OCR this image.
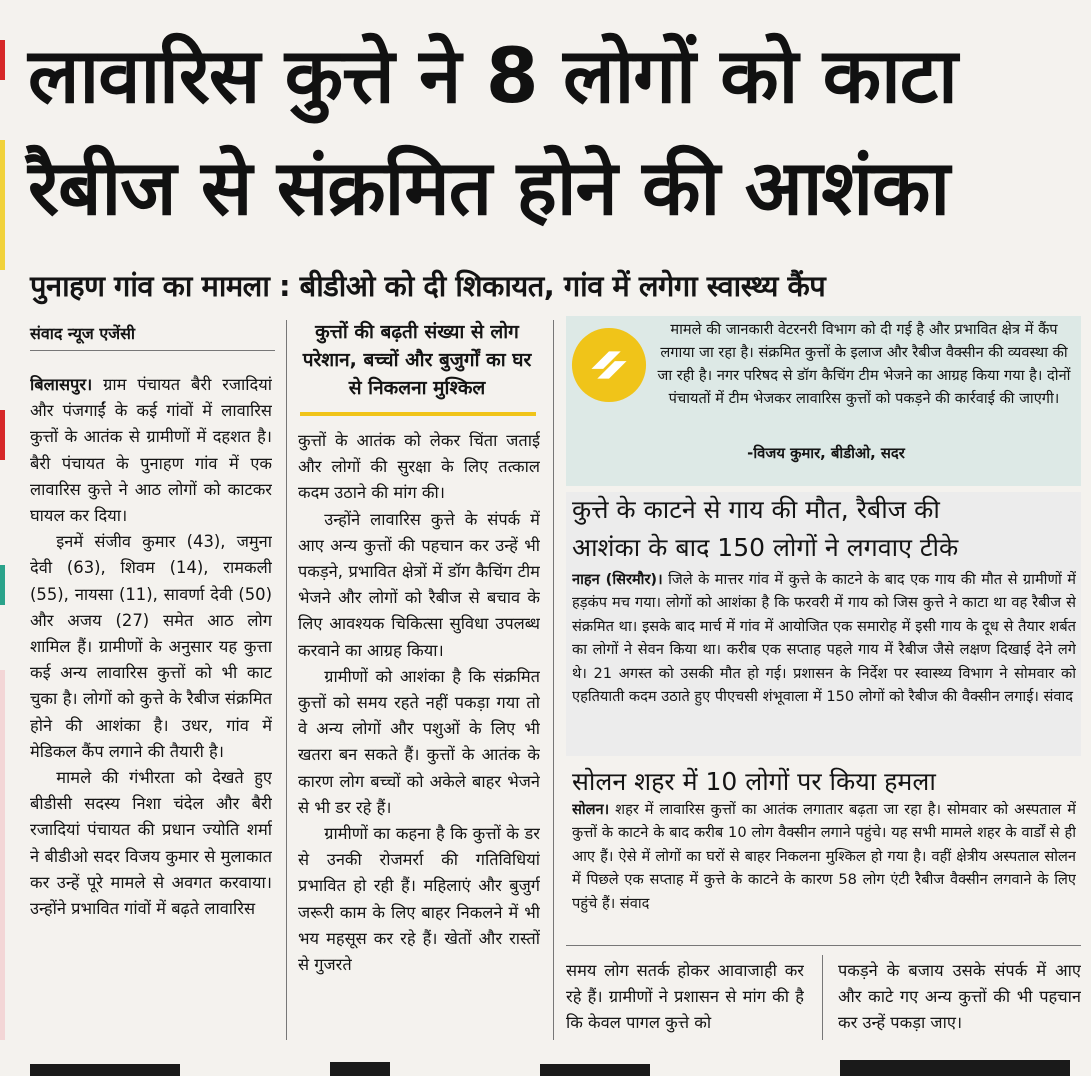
लावारिस कुत्ते ने 8 लोगों को काटा
रैबीज से संक्रमित होने की आशंका
पुनाहण गांव का मामला : बीडीओ को दी शिकायत, गांव में लगेगा स्वास्थ्य कैंप
संवाद न्यूज एजेंसी

बिलासपुर। ग्राम पंचायत बैरी रजादियां और पंजगाईं के कई गांवों में लावारिस कुत्तों के आतंक से ग्रामीणों में दहशत है। बैरी पंचायत के पुनाहण गांव में एक लावारिस कुत्ते ने आठ लोगों को काटकर घायल कर दिया।

इनमें संजीव कुमार (43), जमुना देवी (63), शिवम (14), रामकली (55), नायसा (11), सावर्णा देवी (50) और अजय (27) समेत आठ लोग शामिल हैं। ग्रामीणों के अनुसार यह कुत्ता कई अन्य लावारिस कुत्तों को भी काट चुका है। लोगों को कुत्ते के रैबीज संक्रमित होने की आशंका है। उधर, गांव में मेडिकल कैंप लगाने की तैयारी है।

मामले की गंभीरता को देखते हुए बीडीसी सदस्य निशा चंदेल और बैरी रजादियां पंचायत की प्रधान ज्योति शर्मा ने बीडीओ सदर विजय कुमार से मुलाकात कर उन्हें पूरे मामले से अवगत करवाया। उन्होंने प्रभावित गांवों में बढ़ते लावारिस

कुत्तों की बढ़ती संख्या से लोग परेशान, बच्चों और बुजुर्गों का घर से निकलना मुश्किल

कुत्तों के आतंक को लेकर चिंता जताई और लोगों की सुरक्षा के लिए तत्काल कदम उठाने की मांग की।

उन्होंने लावारिस कुत्ते के संपर्क में आए अन्य कुत्तों की पहचान कर उन्हें भी पकड़ने, प्रभावित क्षेत्रों में डॉग कैचिंग टीम भेजने और लोगों को रैबीज से बचाव के लिए आवश्यक चिकित्सा सुविधा उपलब्ध करवाने का आग्रह किया।

ग्रामीणों को आशंका है कि संक्रमित कुत्तों को समय रहते नहीं पकड़ा गया तो वे अन्य लोगों और पशुओं के लिए भी खतरा बन सकते हैं। कुत्तों के आतंक के कारण लोग बच्चों को अकेले बाहर भेजने से भी डर रहे हैं।

ग्रामीणों का कहना है कि कुत्तों के डर से उनकी रोजमर्रा की गतिविधियां प्रभावित हो रही हैं। महिलाएं और बुजुर्ग जरूरी काम के लिए बाहर निकलने में भी भय महसूस कर रहे हैं। खेतों और रास्तों से गुजरते

मामले की जानकारी वेटरनरी विभाग को दी गई है और प्रभावित क्षेत्र में कैंप लगाया जा रहा है। संक्रमित कुत्तों के इलाज और रैबीज वैक्सीन की व्यवस्था की जा रही है। नगर परिषद से डॉग कैचिंग टीम भेजने का आग्रह किया गया है। दोनों पंचायतों में टीम भेजकर लावारिस कुत्तों को पकड़ने की कार्रवाई की जाएगी।
-विजय कुमार, बीडीओ, सदर
कुत्ते के काटने से गाय की मौत, रैबीज की
आशंका के बाद 150 लोगों ने लगवाए टीके
नाहन (सिरमौर)। जिले के मात्तर गांव में कुत्ते के काटने के बाद एक गाय की मौत से ग्रामीणों में हड़कंप मच गया। लोगों को आशंका है कि फरवरी में गाय को जिस कुत्ते ने काटा था वह रैबीज से संक्रमित था। इसके बाद मार्च में गांव में आयोजित एक समारोह में इसी गाय के दूध से तैयार शर्बत का लोगों ने सेवन किया था। करीब एक सप्ताह पहले गाय में रैबीज जैसे लक्षण दिखाई देने लगे थे। 21 अगस्त को उसकी मौत हो गई। प्रशासन के निर्देश पर स्वास्थ्य विभाग ने सोमवार को एहतियाती कदम उठाते हुए पीएचसी शंभूवाला में 150 लोगों को रैबीज की वैक्सीन लगाई। संवाद
सोलन शहर में 10 लोगों पर किया हमला
सोलन। शहर में लावारिस कुत्तों का आतंक लगातार बढ़ता जा रहा है। सोमवार को अस्पताल में कुत्तों के काटने के बाद करीब 10 लोग वैक्सीन लगाने पहुंचे। यह सभी मामले शहर के वार्डों से ही आए हैं। ऐसे में लोगों का घरों से बाहर निकलना मुश्किल हो गया है। वहीं क्षेत्रीय अस्पताल सोलन में पिछले एक सप्ताह में कुत्ते के काटने के कारण 58 लोग एंटी रैबीज वैक्सीन लगवाने के लिए पहुंचे हैं। संवाद
समय लोग सतर्क होकर आवाजाही कर रहे हैं। ग्रामीणों ने प्रशासन से मांग की है कि केवल पागल कुत्ते को
पकड़ने के बजाय उसके संपर्क में आए और काटे गए अन्य कुत्तों की भी पहचान कर उन्हें पकड़ा जाए।
